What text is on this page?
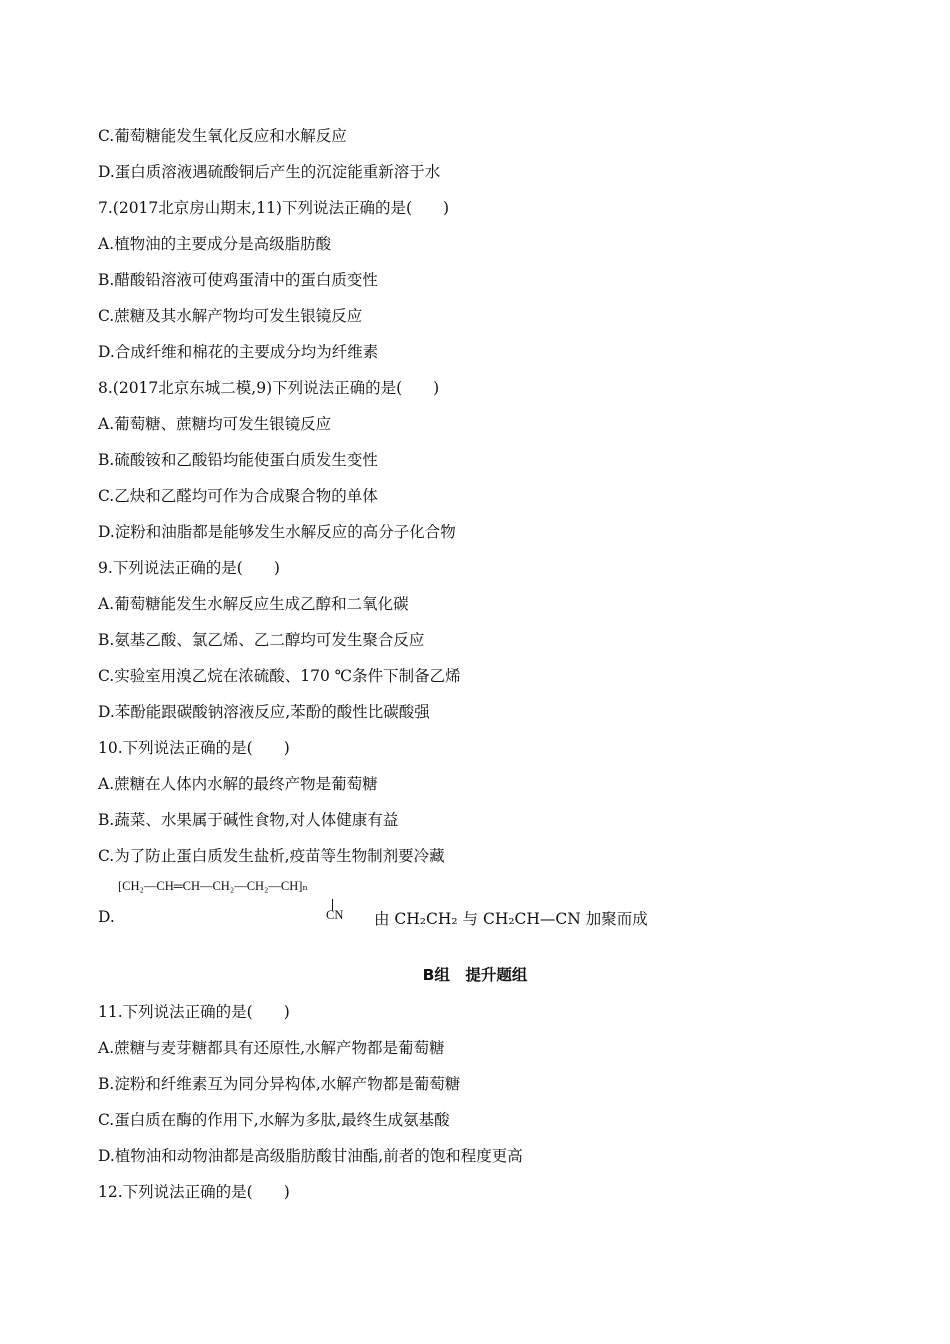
C.葡萄糖能发生氧化反应和水解反应
D.蛋白质溶液遇硫酸铜后产生的沉淀能重新溶于水
7.(2017北京房山期末,11)下列说法正确的是(　　)
A.植物油的主要成分是高级脂肪酸
B.醋酸铅溶液可使鸡蛋清中的蛋白质变性
C.蔗糖及其水解产物均可发生银镜反应
D.合成纤维和棉花的主要成分均为纤维素
8.(2017北京东城二模,9)下列说法正确的是(　　)
A.葡萄糖、蔗糖均可发生银镜反应
B.硫酸铵和乙酸铅均能使蛋白质发生变性
C.乙炔和乙醛均可作为合成聚合物的单体
D.淀粉和油脂都是能够发生水解反应的高分子化合物
9.下列说法正确的是(　　)
A.葡萄糖能发生水解反应生成乙醇和二氧化碳
B.氨基乙酸、氯乙烯、乙二醇均可发生聚合反应
C.实验室用溴乙烷在浓硫酸、170 ℃条件下制备乙烯
D.苯酚能跟碳酸钠溶液反应,苯酚的酸性比碳酸强
10.下列说法正确的是(　　)
A.蔗糖在人体内水解的最终产物是葡萄糖
B.蔬菜、水果属于碱性食物,对人体健康有益
C.为了防止蛋白质发生盐析,疫苗等生物制剂要冷藏
D.
[CH₂—CH═CH—CH₂—CH₂—CH]ₙ
CN 由 CH₂CH₂ 与 CH₂CH—CN 加聚而成
B组　提升题组
11.下列说法正确的是(　　)
A.蔗糖与麦芽糖都具有还原性,水解产物都是葡萄糖
B.淀粉和纤维素互为同分异构体,水解产物都是葡萄糖
C.蛋白质在酶的作用下,水解为多肽,最终生成氨基酸
D.植物油和动物油都是高级脂肪酸甘油酯,前者的饱和程度更高
12.下列说法正确的是(　　)
